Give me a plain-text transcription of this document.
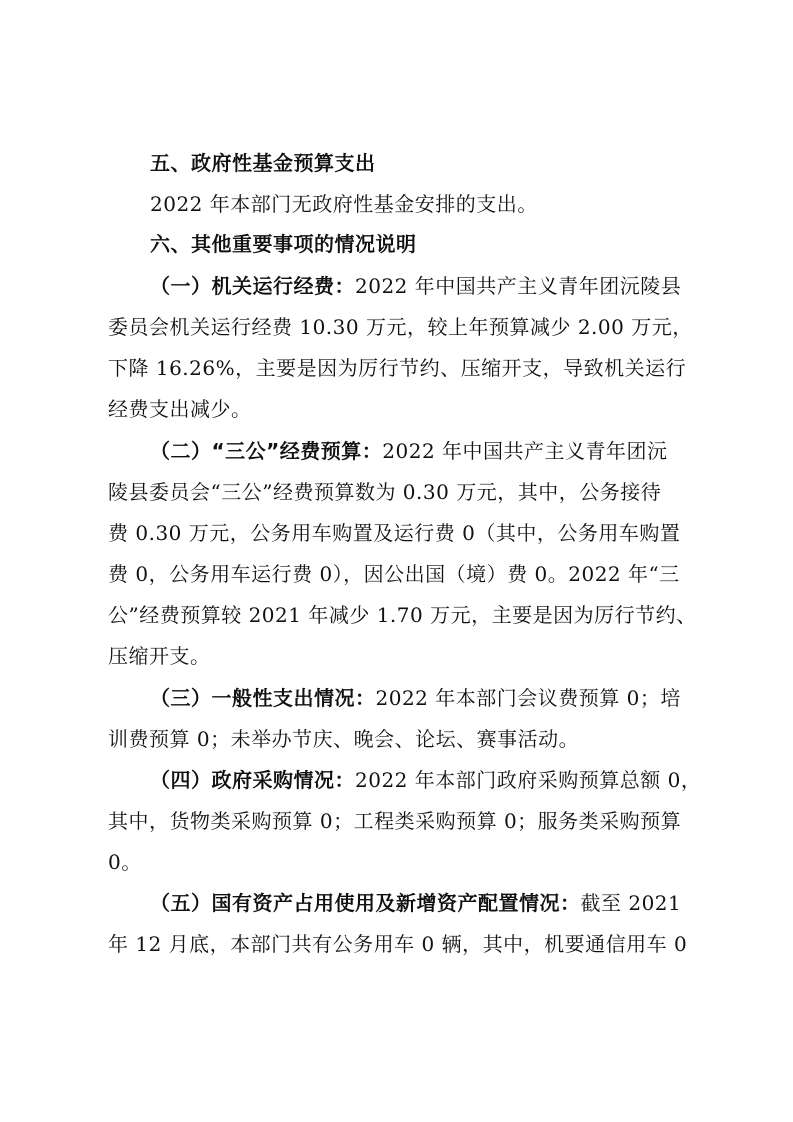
五、政府性基金预算支出
2022 年本部门无政府性基金安排的支出。
六、其他重要事项的情况说明
（一）机关运行经费：2022 年中国共产主义青年团沅陵县
委员会机关运行经费 10.30 万元，较上年预算减少 2.00 万元，
下降 16.26%，主要是因为厉行节约、压缩开支，导致机关运行
经费支出减少。
（二）“三公”经费预算：2022 年中国共产主义青年团沅
陵县委员会“三公”经费预算数为 0.30 万元，其中，公务接待
费 0.30 万元，公务用车购置及运行费 0（其中，公务用车购置
费 0，公务用车运行费 0），因公出国（境）费 0。2022 年“三
公”经费预算较 2021 年减少 1.70 万元，主要是因为厉行节约、
压缩开支。
（三）一般性支出情况：2022 年本部门会议费预算 0；培
训费预算 0；未举办节庆、晚会、论坛、赛事活动。
（四）政府采购情况：2022 年本部门政府采购预算总额 0，
其中，货物类采购预算 0；工程类采购预算 0；服务类采购预算
0。
（五）国有资产占用使用及新增资产配置情况：截至 2021
年 12 月底，本部门共有公务用车 0 辆，其中，机要通信用车 0
